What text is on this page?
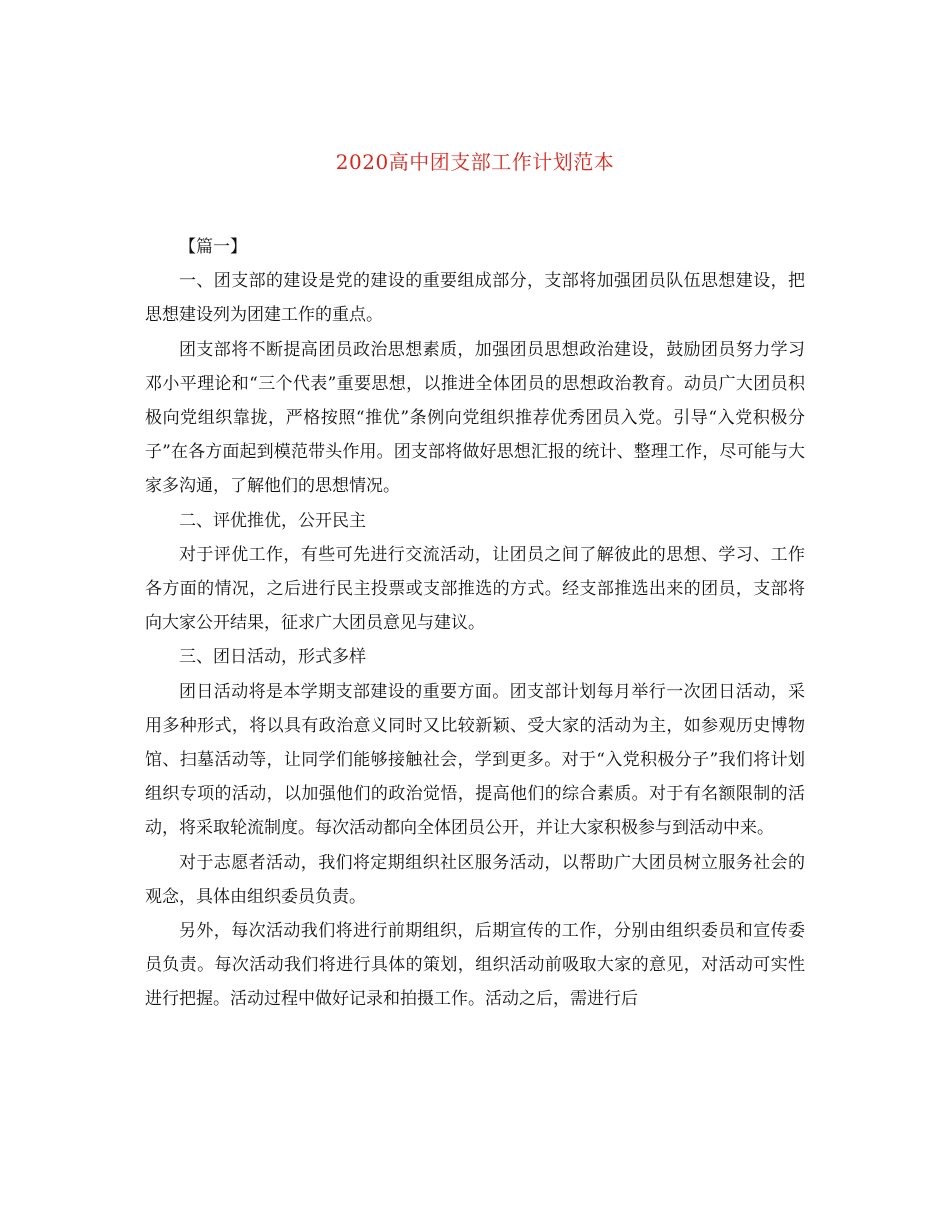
2020高中团支部工作计划范本

【篇一】

一、团支部的建设是党的建设的重要组成部分，支部将加强团员队伍思想建设，把思想建设列为团建工作的重点。

团支部将不断提高团员政治思想素质，加强团员思想政治建设，鼓励团员努力学习邓小平理论和“三个代表”重要思想，以推进全体团员的思想政治教育。动员广大团员积极向党组织靠拢，严格按照“推优”条例向党组织推荐优秀团员入党。引导“入党积极分子”在各方面起到模范带头作用。团支部将做好思想汇报的统计、整理工作，尽可能与大家多沟通，了解他们的思想情况。

二、评优推优，公开民主

对于评优工作，有些可先进行交流活动，让团员之间了解彼此的思想、学习、工作各方面的情况，之后进行民主投票或支部推选的方式。经支部推选出来的团员，支部将向大家公开结果，征求广大团员意见与建议。

三、团日活动，形式多样

团日活动将是本学期支部建设的重要方面。团支部计划每月举行一次团日活动，采用多种形式，将以具有政治意义同时又比较新颖、受大家的活动为主，如参观历史博物馆、扫墓活动等，让同学们能够接触社会，学到更多。对于“入党积极分子”我们将计划组织专项的活动，以加强他们的政治觉悟，提高他们的综合素质。对于有名额限制的活动，将采取轮流制度。每次活动都向全体团员公开，并让大家积极参与到活动中来。

对于志愿者活动，我们将定期组织社区服务活动，以帮助广大团员树立服务社会的观念，具体由组织委员负责。

另外，每次活动我们将进行前期组织，后期宣传的工作，分别由组织委员和宣传委员负责。每次活动我们将进行具体的策划，组织活动前吸取大家的意见，对活动可实性进行把握。活动过程中做好记录和拍摄工作。活动之后，需进行后
